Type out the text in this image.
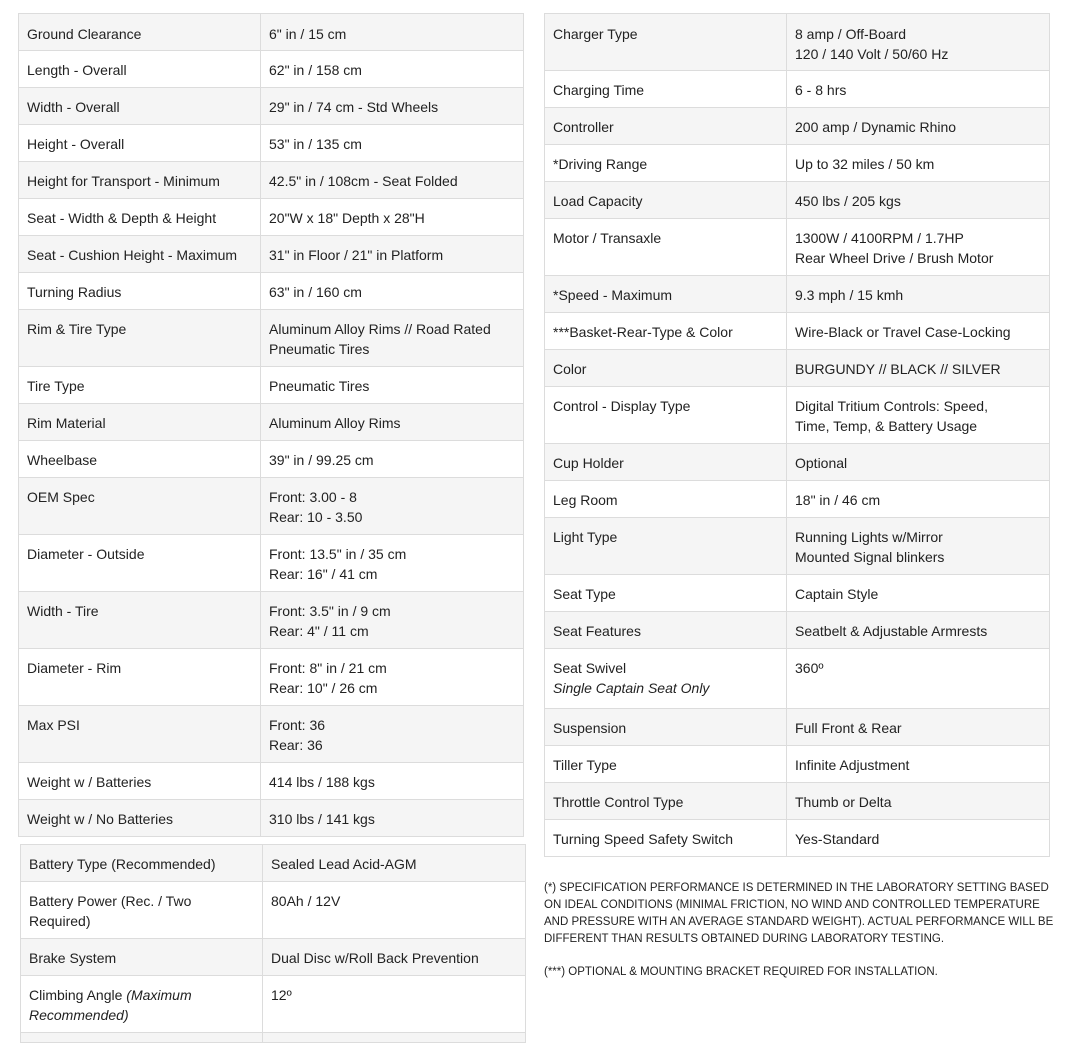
Ground Clearance	6" in / 15 cm
Length - Overall	62" in / 158 cm
Width - Overall	29" in / 74 cm - Std Wheels
Height - Overall	53" in / 135 cm
Height for Transport - Minimum	42.5" in / 108cm - Seat Folded
Seat - Width & Depth & Height	20"W x 18" Depth x 28"H
Seat - Cushion Height - Maximum	31" in Floor / 21" in Platform
Turning Radius	63" in / 160 cm
Rim & Tire Type	Aluminum Alloy Rims // Road Rated
Pneumatic Tires
Tire Type	Pneumatic Tires
Rim Material	Aluminum Alloy Rims
Wheelbase	39" in / 99.25 cm
OEM Spec	Front: 3.00 - 8
Rear: 10 - 3.50
Diameter - Outside	Front: 13.5" in / 35 cm
Rear: 16" / 41 cm
Width - Tire	Front: 3.5" in / 9 cm
Rear: 4" / 11 cm
Diameter - Rim	Front: 8" in / 21 cm
Rear: 10" / 26 cm
Max PSI	Front: 36
Rear: 36
Weight w / Batteries	414 lbs / 188 kgs
Weight w / No Batteries	310 lbs / 141 kgs
Battery Type (Recommended)	Sealed Lead Acid-AGM
Battery Power (Rec. / Two
Required)	80Ah / 12V
Brake System	Dual Disc w/Roll Back Prevention
Climbing Angle (Maximum
Recommended)	12º

Charger Type	8 amp / Off-Board
120 / 140 Volt / 50/60 Hz
Charging Time	6 - 8 hrs
Controller	200 amp / Dynamic Rhino
*Driving Range	Up to 32 miles / 50 km
Load Capacity	450 lbs / 205 kgs
Motor / Transaxle	1300W / 4100RPM / 1.7HP
Rear Wheel Drive / Brush Motor
*Speed - Maximum	9.3 mph / 15 kmh
***Basket-Rear-Type & Color	Wire-Black or Travel Case-Locking
Color	BURGUNDY // BLACK // SILVER
Control - Display Type	Digital Tritium Controls: Speed,
Time, Temp, & Battery Usage
Cup Holder	Optional
Leg Room	18" in / 46 cm
Light Type	Running Lights w/Mirror
Mounted Signal blinkers
Seat Type	Captain Style
Seat Features	Seatbelt & Adjustable Armrests

Seat Swivel
Single Captain Seat Only	360º
Suspension	Full Front & Rear
Tiller Type	Infinite Adjustment
Throttle Control Type	Thumb or Delta
Turning Speed Safety Switch	Yes-Standard
(*) SPECIFICATION PERFORMANCE IS DETERMINED IN THE LABORATORY SETTING BASED ON IDEAL CONDITIONS (MINIMAL FRICTION, NO WIND AND CONTROLLED TEMPERATURE AND PRESSURE WITH AN AVERAGE STANDARD WEIGHT). ACTUAL PERFORMANCE WILL BE DIFFERENT THAN RESULTS OBTAINED DURING LABORATORY TESTING.
(***) OPTIONAL & MOUNTING BRACKET REQUIRED FOR INSTALLATION.
